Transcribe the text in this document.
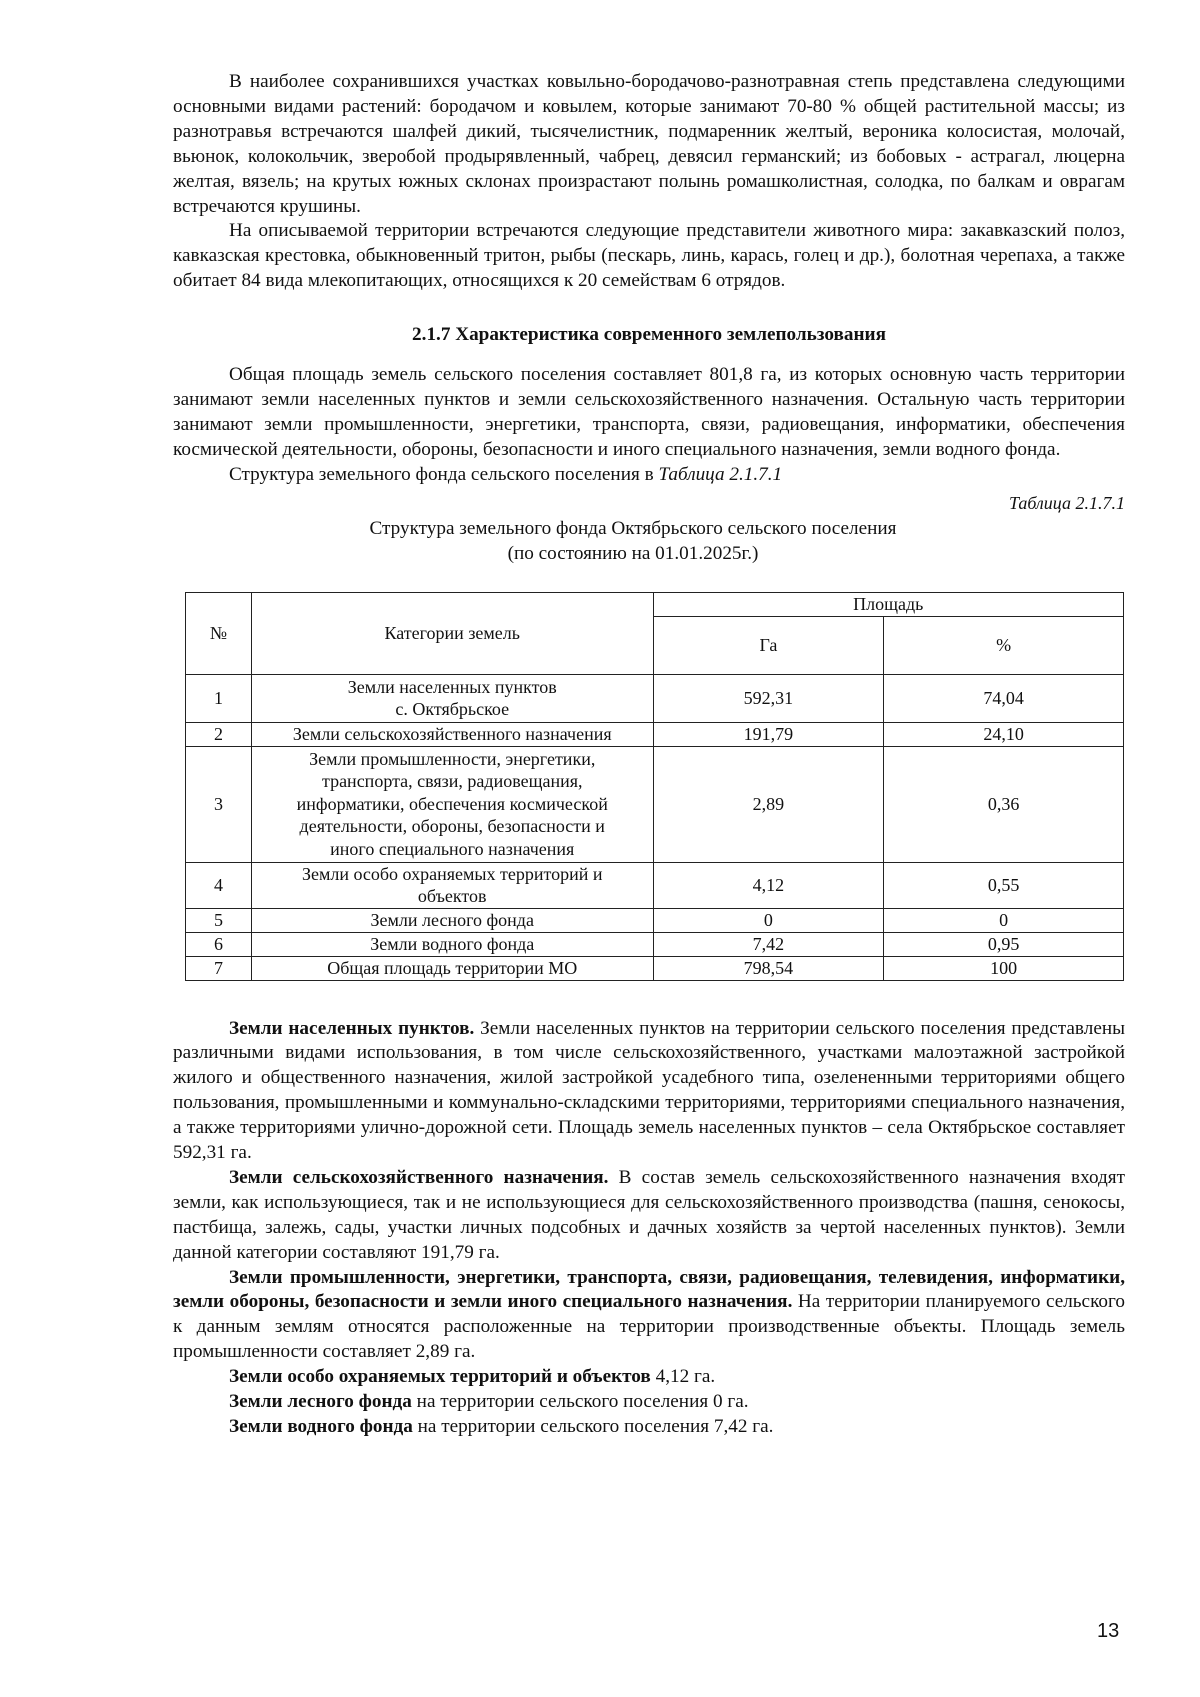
В наиболее сохранившихся участках ковыльно-бородачово-разнотравная степь представлена следующими основными видами растений: бородачом и ковылем, которые занимают 70-80 % общей растительной массы; из разнотравья встречаются шалфей дикий, тысячелистник, подмаренник желтый, вероника колосистая, молочай, вьюнок, колокольчик, зверобой продырявленный, чабрец, девясил германский; из бобовых - астрагал, люцерна желтая, вязель; на крутых южных склонах произрастают полынь ромашколистная, солодка, по балкам и оврагам встречаются крушины.

На описываемой территории встречаются следующие представители животного мира: закавказский полоз, кавказская крестовка, обыкновенный тритон, рыбы (пескарь, линь, карась, голец и др.), болотная черепаха, а также обитает 84 вида млекопитающих, относящихся к 20 семействам 6 отрядов.

2.1.7 Характеристика современного землепользования

Общая площадь земель сельского поселения составляет 801,8 га, из которых основную часть территории занимают земли населенных пунктов и земли сельскохозяйственного назначения. Остальную часть территории занимают земли промышленности, энергетики, транспорта, связи, радиовещания, информатики, обеспечения космической деятельности, обороны, безопасности и иного специального назначения, земли водного фонда.

Структура земельного фонда сельского поселения в Таблица 2.1.7.1

Таблица 2.1.7.1
Структура земельного фонда Октябрьского сельского поселения
(по состоянию на 01.01.2025г.)
№	Категории земель	Площадь	
		Га	%
1	Земли населенных пунктов
с. Октябрьское	592,31	74,04
2	Земли сельскохозяйственного назначения	191,79	24,10
3	Земли промышленности, энергетики,
транспорта, связи, радиовещания,
информатики, обеспечения космической
деятельности, обороны, безопасности и
иного специального назначения	2,89	0,36
4	Земли особо охраняемых территорий и
объектов	4,12	0,55
5	Земли лесного фонда	0	0
6	Земли водного фонда	7,42	0,95
7	Общая площадь территории МО	798,54	100

Земли населенных пунктов. Земли населенных пунктов на территории сельского поселения представлены различными видами использования, в том числе сельскохозяйственного, участками малоэтажной застройкой жилого и общественного назначения, жилой застройкой усадебного типа, озелененными территориями общего пользования, промышленными и коммунально-складскими территориями, территориями специального назначения, а также территориями улично-дорожной сети. Площадь земель населенных пунктов – села Октябрьское составляет 592,31 га.

Земли сельскохозяйственного назначения. В состав земель сельскохозяйственного назначения входят земли, как использующиеся, так и не использующиеся для сельскохозяйственного производства (пашня, сенокосы, пастбища, залежь, сады, участки личных подсобных и дачных хозяйств за чертой населенных пунктов). Земли данной категории составляют 191,79 га.

Земли промышленности, энергетики, транспорта, связи, радиовещания, телевидения, информатики, земли обороны, безопасности и земли иного специального назначения. На территории планируемого сельского к данным землям относятся расположенные на территории производственные объекты. Площадь земель промышленности составляет 2,89 га.

Земли особо охраняемых территорий и объектов 4,12 га.

Земли лесного фонда на территории сельского поселения 0 га.

Земли водного фонда на территории сельского поселения 7,42 га.

13
